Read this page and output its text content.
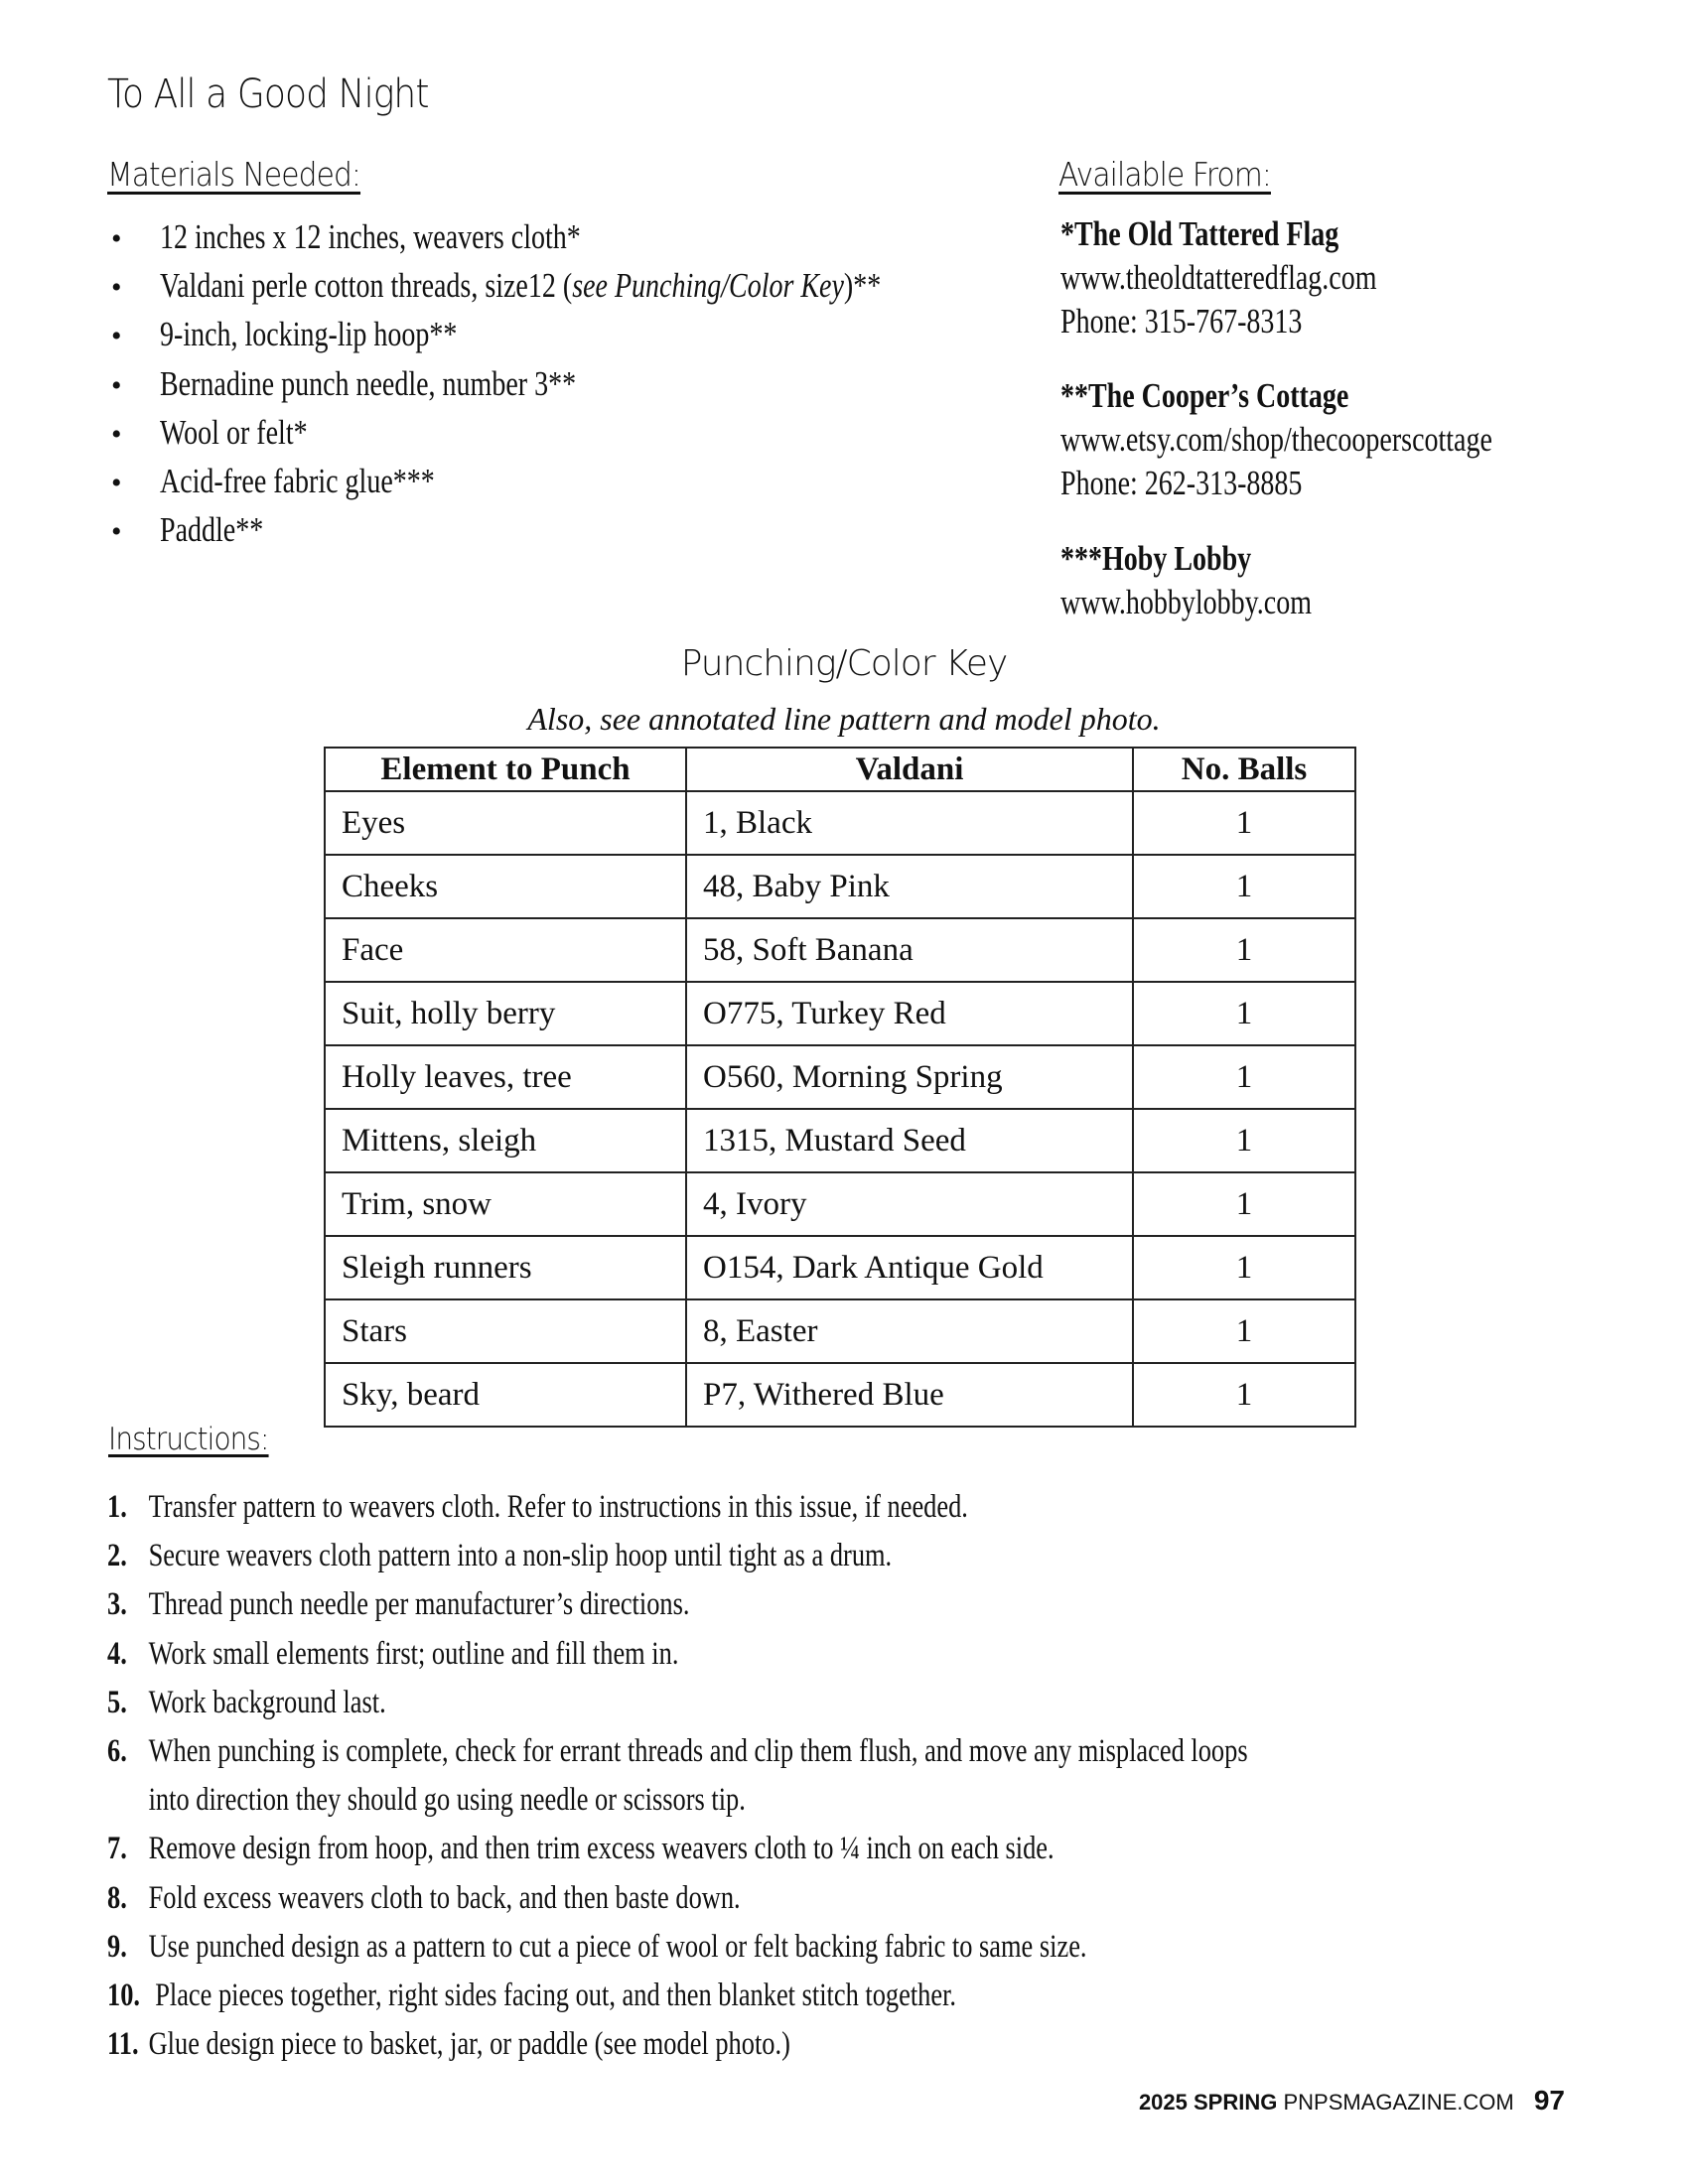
To All a Good Night
Materials Needed:
• 12 inches x 12 inches, weavers cloth*
• Valdani perle cotton threads, size12 (see Punching/Color Key)**
• 9-inch, locking-lip hoop**
• Bernadine punch needle, number 3**
• Wool or felt*
• Acid-free fabric glue***
• Paddle**
Available From:
*The Old Tattered Flag
www.theoldtatteredflag.com
Phone: 315-767-8313
**The Cooper’s Cottage
www.etsy.com/shop/thecooperscottage
Phone: 262-313-8885
***Hoby Lobby
www.hobbylobby.com
Punching/Color Key
Also, see annotated line pattern and model photo.
Element to Punch	Valdani	No. Balls
Eyes	1, Black	1
Cheeks	48, Baby Pink	1
Face	58, Soft Banana	1
Suit, holly berry	O775, Turkey Red	1
Holly leaves, tree	O560, Morning Spring	1
Mittens, sleigh	1315, Mustard Seed	1
Trim, snow	4, Ivory	1
Sleigh runners	O154, Dark Antique Gold	1
Stars	8, Easter	1
Sky, beard	P7, Withered Blue	1
Instructions:
1. Transfer pattern to weavers cloth. Refer to instructions in this issue, if needed.
2. Secure weavers cloth pattern into a non-slip hoop until tight as a drum.
3. Thread punch needle per manufacturer’s directions.
4. Work small elements first; outline and fill them in.
5. Work background last.
6. When punching is complete, check for errant threads and clip them flush, and move any misplaced loops
into direction they should go using needle or scissors tip.
7. Remove design from hoop, and then trim excess weavers cloth to ¼ inch on each side.
8. Fold excess weavers cloth to back, and then baste down.
9. Use punched design as a pattern to cut a piece of wool or felt backing fabric to same size.
10. Place pieces together, right sides facing out, and then blanket stitch together.
11. Glue design piece to basket, jar, or paddle (see model photo.)
2025 SPRING PNPSMAGAZINE.COM 97
